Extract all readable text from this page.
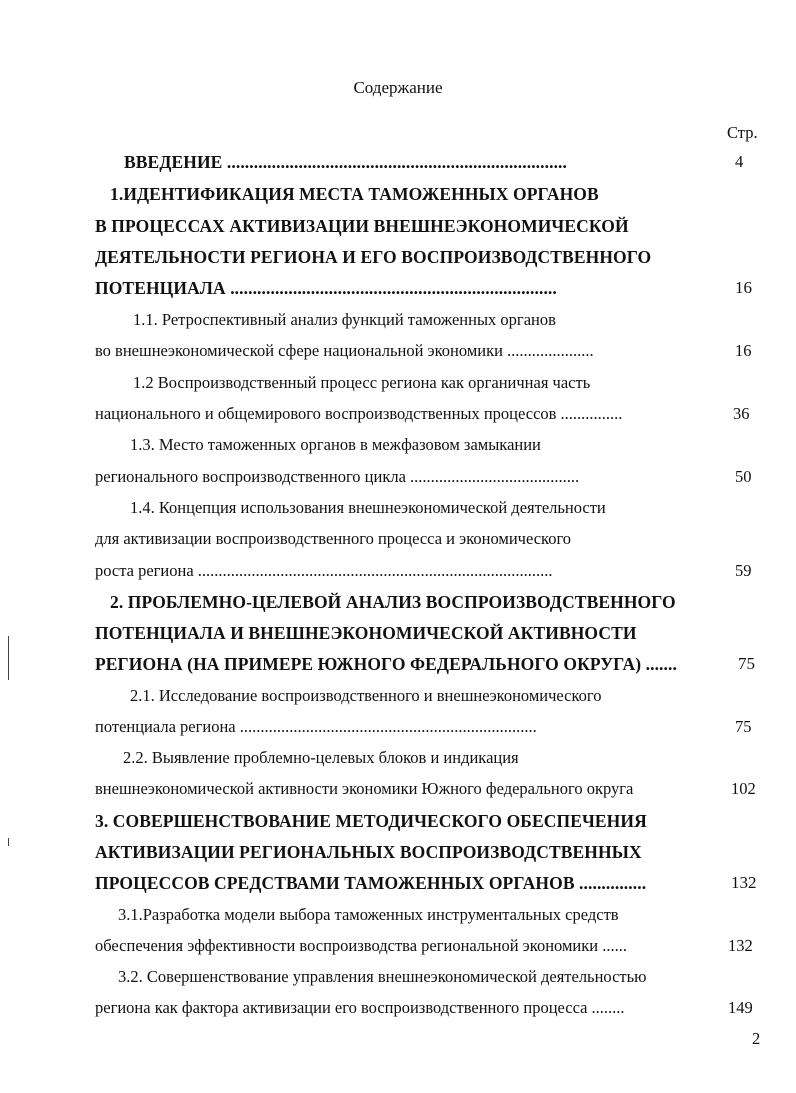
Содержание
Стр.
ВВЕДЕНИЕ ............................................................................	4
1.ИДЕНТИФИКАЦИЯ МЕСТА ТАМОЖЕННЫХ ОРГАНОВ
В ПРОЦЕССАХ АКТИВИЗАЦИИ ВНЕШНЕЭКОНОМИЧЕСКОЙ
ДЕЯТЕЛЬНОСТИ РЕГИОНА И ЕГО ВОСПРОИЗВОДСТВЕННОГО
ПОТЕНЦИАЛА .........................................................................	16
1.1. Ретроспективный анализ функций таможенных органов
во внешнеэкономической сфере национальной экономики .....................	16
1.2 Воспроизводственный процесс региона как органичная часть
национального и общемирового воспроизводственных процессов ...............	36
1.3. Место таможенных органов в межфазовом замыкании
регионального воспроизводственного цикла .........................................	50
1.4. Концепция использования внешнеэкономической деятельности
для активизации воспроизводственного процесса и экономического
роста региона ......................................................................................	59
2. ПРОБЛЕМНО-ЦЕЛЕВОЙ АНАЛИЗ ВОСПРОИЗВОДСТВЕННОГО
ПОТЕНЦИАЛА И ВНЕШНЕЭКОНОМИЧЕСКОЙ АКТИВНОСТИ
РЕГИОНА (НА ПРИМЕРЕ ЮЖНОГО ФЕДЕРАЛЬНОГО ОКРУГА) .......	75
2.1. Исследование воспроизводственного и внешнеэкономического
потенциала региона ........................................................................	75
2.2. Выявление проблемно-целевых блоков и индикация
внешнеэкономической активности экономики Южного федерального округа	102
3. СОВЕРШЕНСТВОВАНИЕ МЕТОДИЧЕСКОГО ОБЕСПЕЧЕНИЯ
АКТИВИЗАЦИИ РЕГИОНАЛЬНЫХ ВОСПРОИЗВОДСТВЕННЫХ
ПРОЦЕССОВ СРЕДСТВАМИ ТАМОЖЕННЫХ ОРГАНОВ ...............	132
3.1.Разработка модели выбора таможенных инструментальных средств
обеспечения эффективности воспроизводства региональной экономики ......	132
3.2. Совершенствование управления внешнеэкономической деятельностью
региона как фактора активизации его воспроизводственного процесса ........	149
2
